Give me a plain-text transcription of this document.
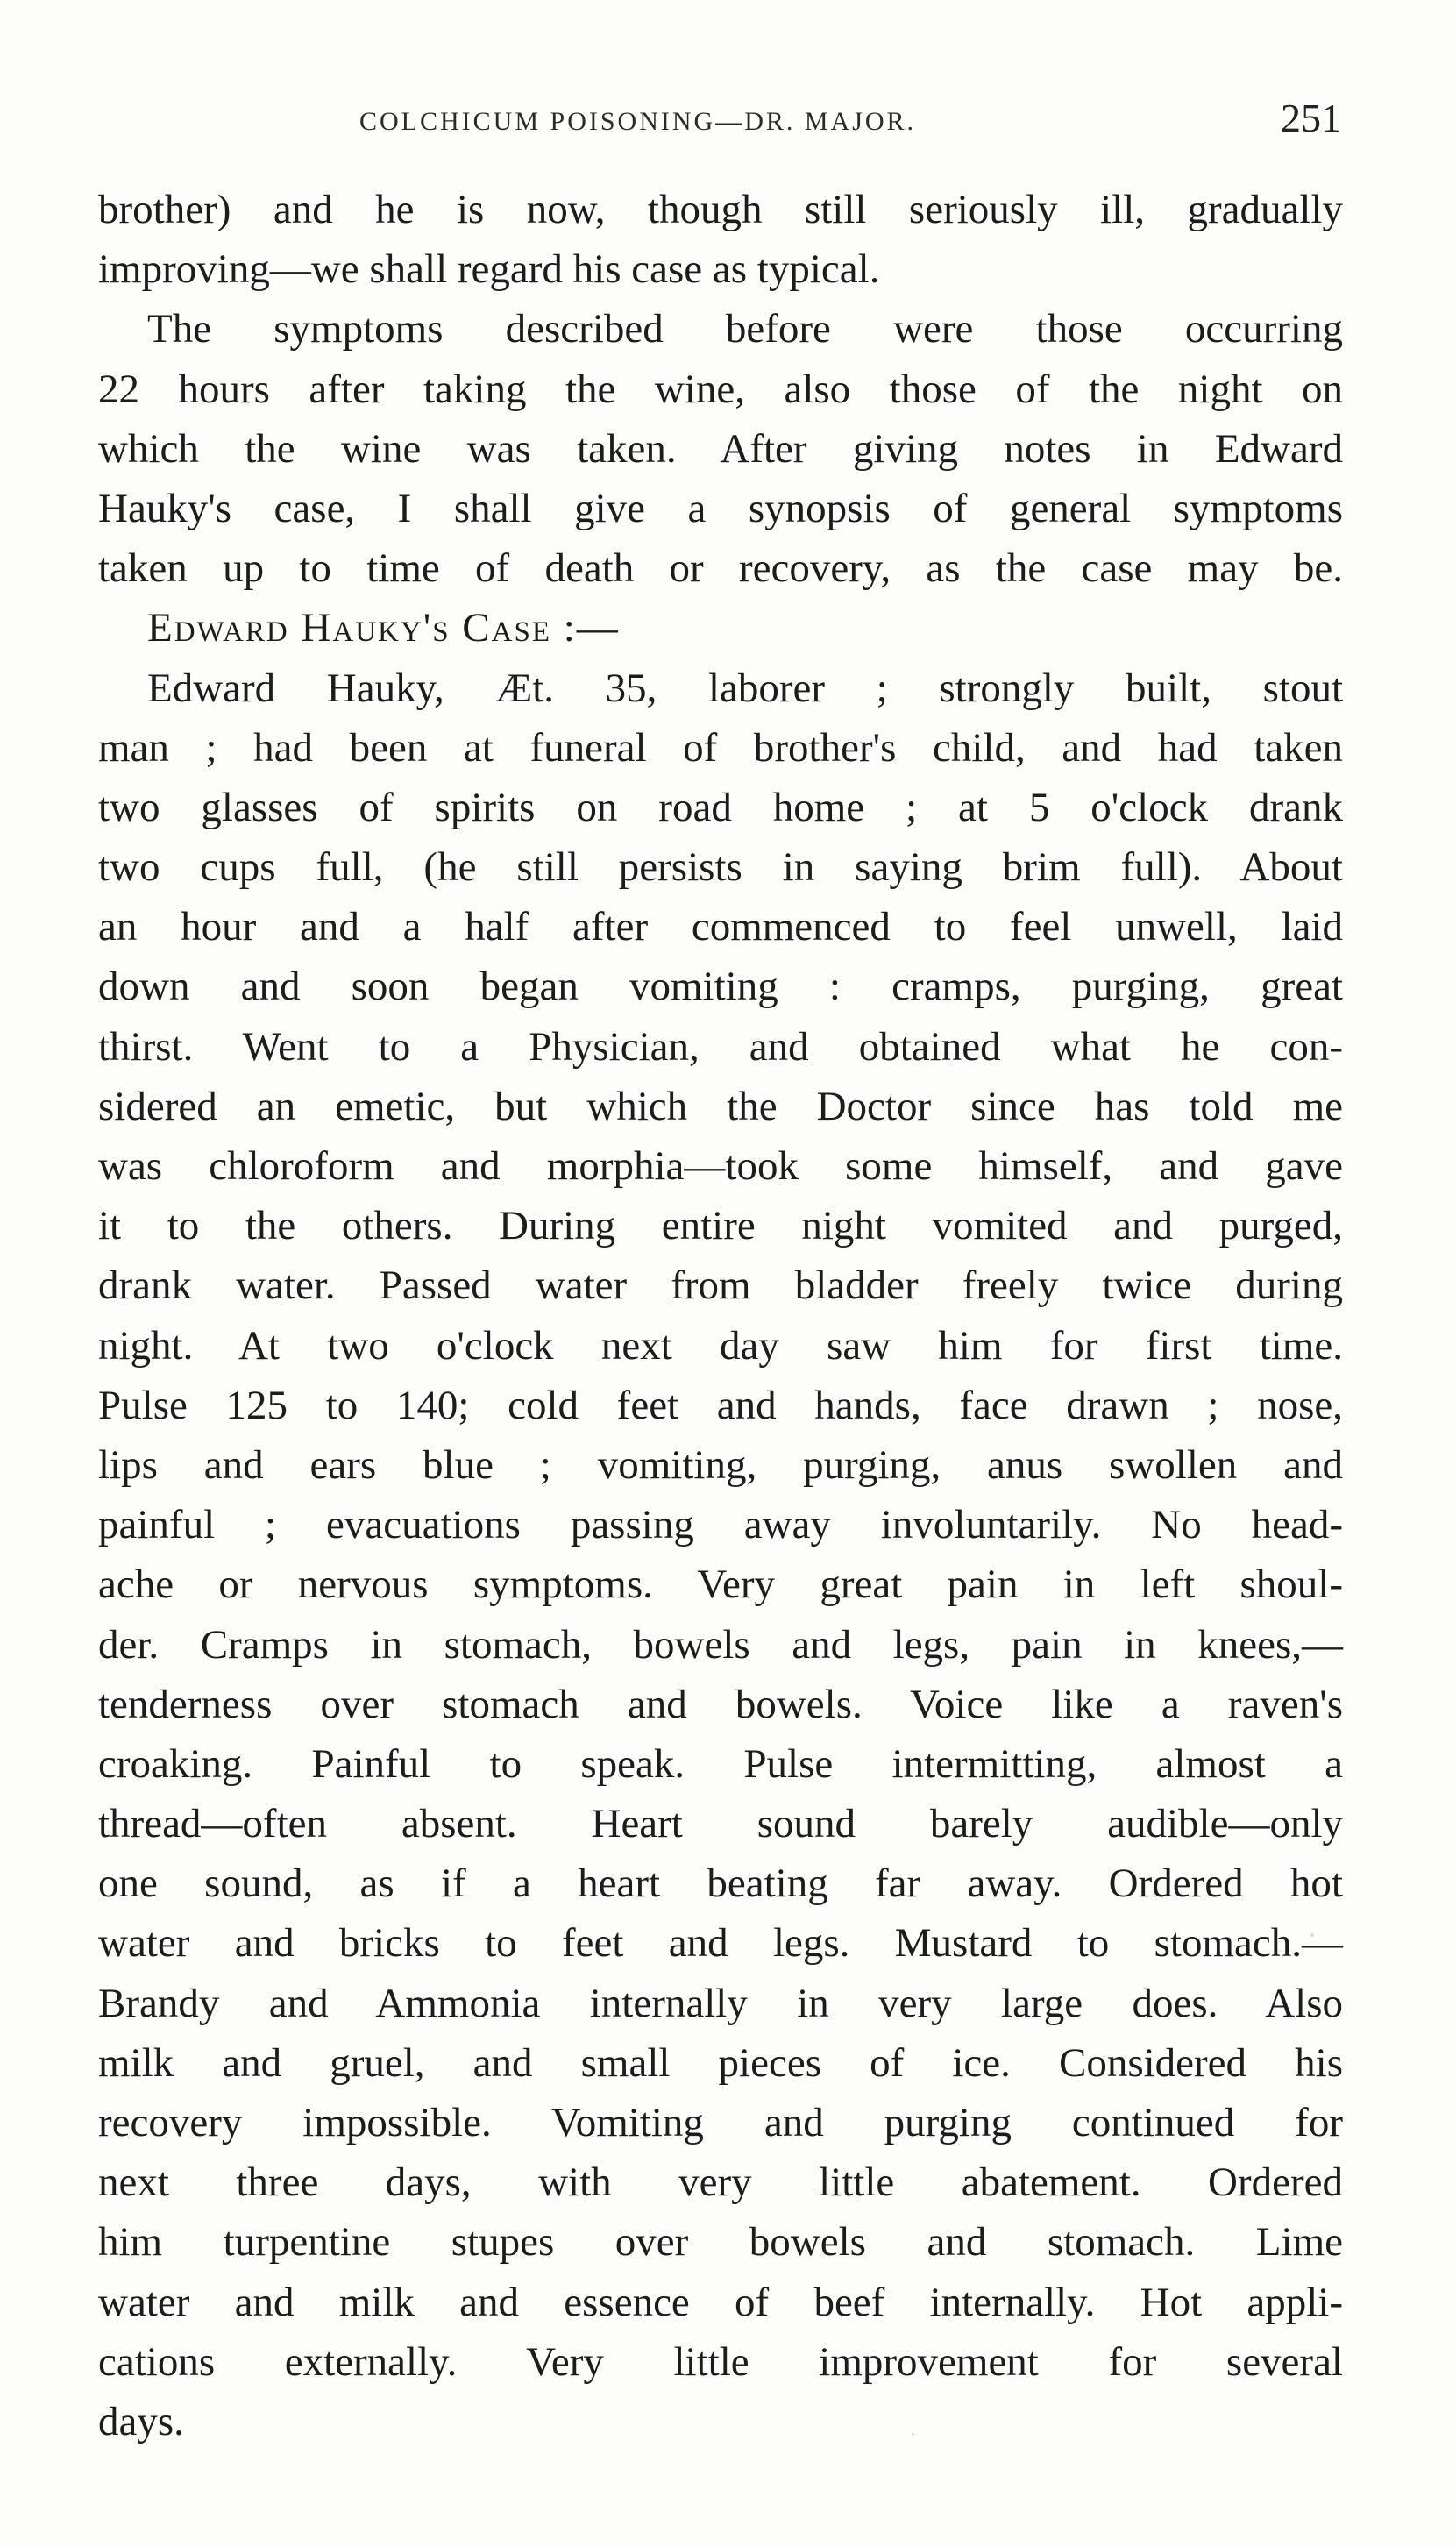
COLCHICUM POISONING—DR. MAJOR.	251
brother) and he is now, though still seriously ill, gradually
improving—we shall regard his case as typical.
The symptoms described before were those occurring
22 hours after taking the wine, also those of the night on
which the wine was taken. After giving notes in Edward
Hauky's case, I shall give a synopsis of general symptoms
taken up to time of death or recovery, as the case may be.
Edward Hauky's Case :—
Edward Hauky, Æt. 35, laborer ; strongly built, stout
man ; had been at funeral of brother's child, and had taken
two glasses of spirits on road home ; at 5 o'clock drank
two cups full, (he still persists in saying brim full). About
an hour and a half after commenced to feel unwell, laid
down and soon began vomiting : cramps, purging, great
thirst. Went to a Physician, and obtained what he con-
sidered an emetic, but which the Doctor since has told me
was chloroform and morphia—took some himself, and gave
it to the others. During entire night vomited and purged,
drank water. Passed water from bladder freely twice during
night. At two o'clock next day saw him for first time.
Pulse 125 to 140; cold feet and hands, face drawn ; nose,
lips and ears blue ; vomiting, purging, anus swollen and
painful ; evacuations passing away involuntarily. No head-
ache or nervous symptoms. Very great pain in left shoul-
der. Cramps in stomach, bowels and legs, pain in knees,—
tenderness over stomach and bowels. Voice like a raven's
croaking. Painful to speak. Pulse intermitting, almost a
thread—often absent. Heart sound barely audible—only
one sound, as if a heart beating far away. Ordered hot
water and bricks to feet and legs. Mustard to stomach.—
Brandy and Ammonia internally in very large does. Also
milk and gruel, and small pieces of ice. Considered his
recovery impossible. Vomiting and purging continued for
next three days, with very little abatement. Ordered
him turpentine stupes over bowels and stomach. Lime
water and milk and essence of beef internally. Hot appli-
cations externally. Very little improvement for several
days.
